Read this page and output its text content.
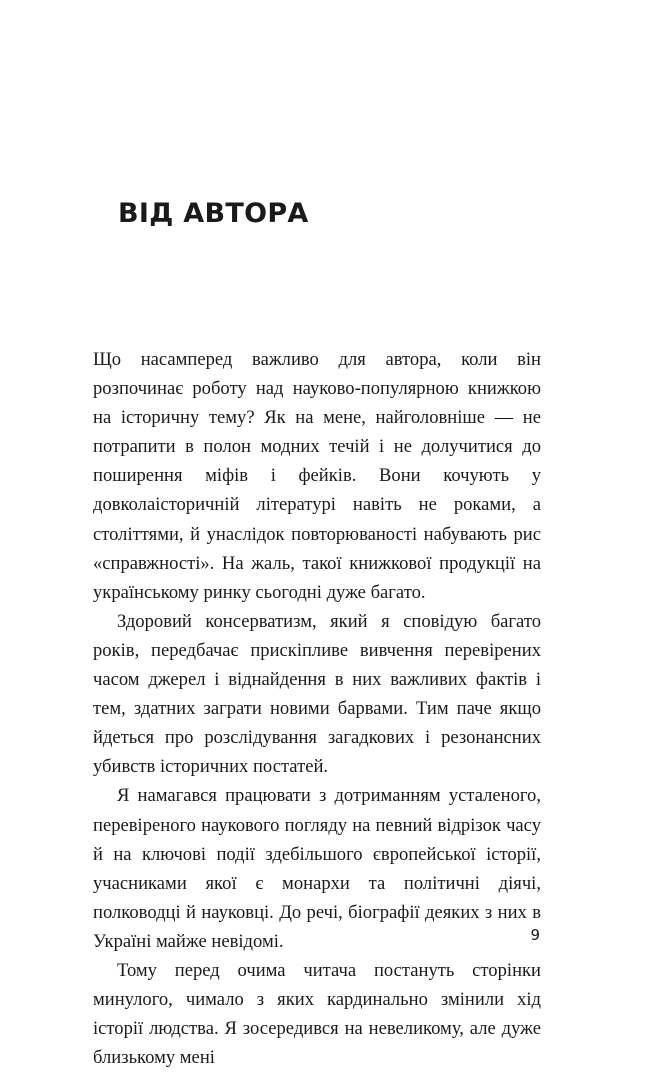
ВІД АВТОРА

Що насамперед важливо для автора, коли він розпочинає роботу над науково-популярною книжкою на історичну тему? Як на мене, найголовніше — не потрапити в полон модних течій і не долучитися до поширення міфів і фейків. Вони кочують у довколаісторичній літературі навіть не роками, а століттями, й унаслідок повторюваності набувають рис «справжності». На жаль, такої книжкової продукції на українському ринку сьогодні дуже багато.

Здоровий консерватизм, який я сповідую багато років, передбачає прискіпливе вивчення перевірених часом джерел і віднайдення в них важливих фактів і тем, здатних заграти новими барвами. Тим паче якщо йдеться про розслідування загадкових і резонансних убивств історичних постатей.

Я намагався працювати з дотриманням усталеного, перевіреного наукового погляду на певний відрізок часу й на ключові події здебільшого європейської історії, учасниками якої є монархи та політичні діячі, полководці й науковці. До речі, біографії деяких з них в Україні майже невідомі.

Тому перед очима читача постануть сторінки минулого, чимало з яких кардинально змінили хід історії людства. Я зосередився на невеликому, але дуже близькому мені

9
